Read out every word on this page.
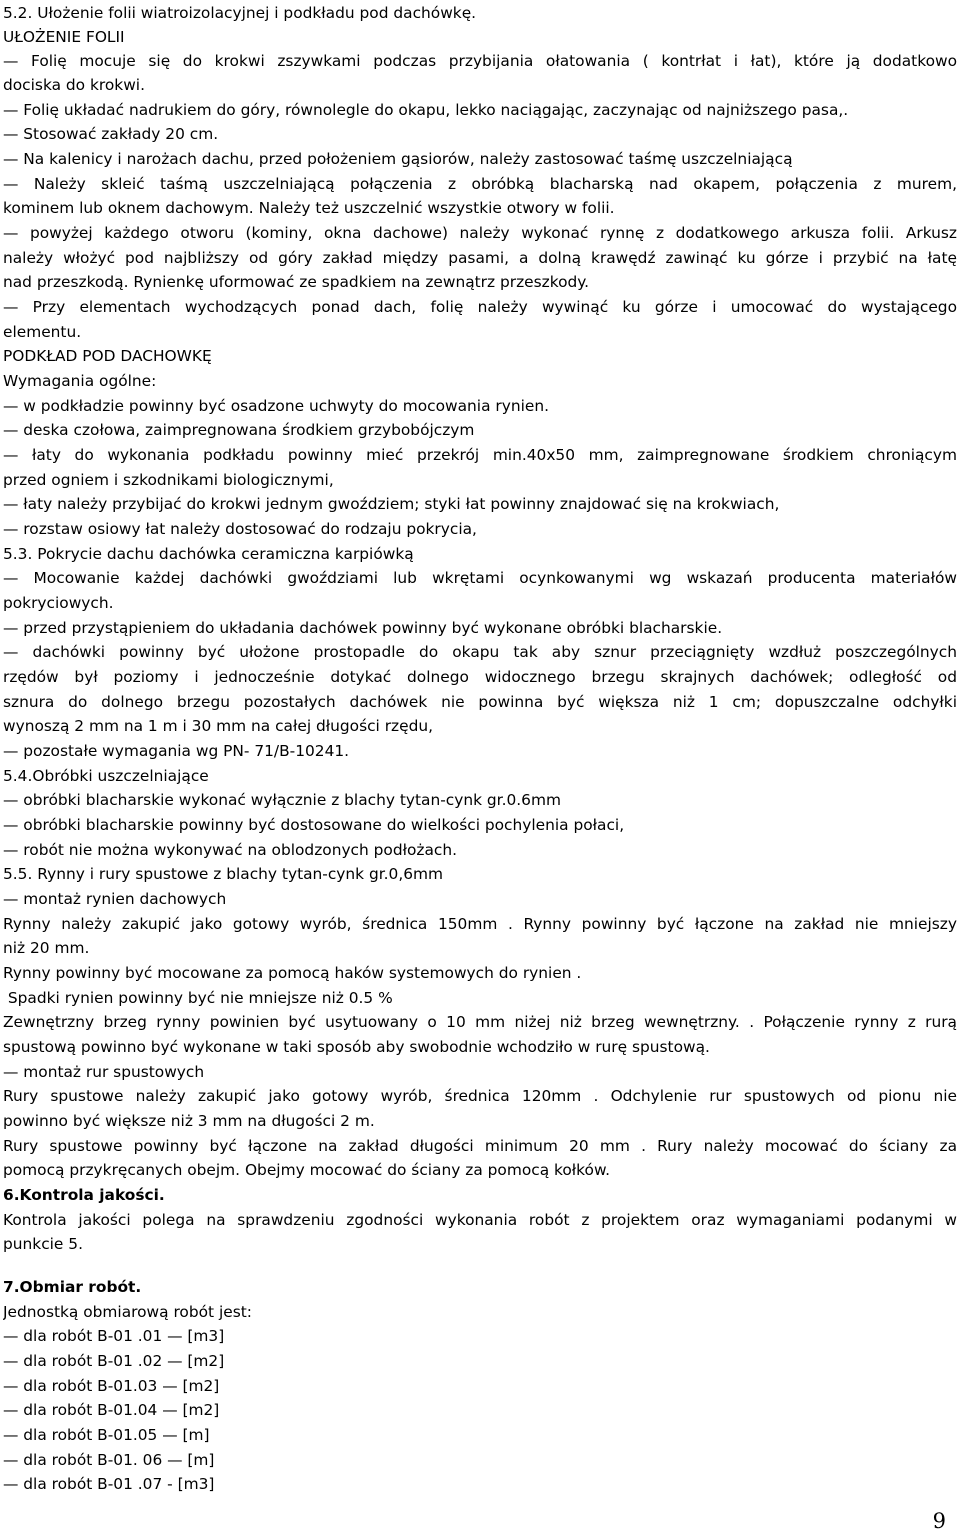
5.2. Ułożenie folii wiatroizolacyjnej i podkładu pod dachówkę.
UŁOŻENIE FOLII
— Folię mocuje się do krokwi zszywkami podczas przybijania ołatowania ( kontrłat i łat), które ją dodatkowo
dociska do krokwi.
— Folię układać nadrukiem do góry, równolegle do okapu, lekko naciągając, zaczynając od najniższego pasa,.
— Stosować zakłady 20 cm.
— Na kalenicy i narożach dachu, przed położeniem gąsiorów, należy zastosować taśmę uszczelniającą
— Należy skleić taśmą uszczelniającą połączenia z obróbką blacharską nad okapem, połączenia z murem,
kominem lub oknem dachowym. Należy też uszczelnić wszystkie otwory w folii.
— powyżej każdego otworu (kominy, okna dachowe) należy wykonać rynnę z dodatkowego arkusza folii. Arkusz
należy włożyć pod najbliższy od góry zakład między pasami, a dolną krawędź zawinąć ku górze i przybić na łatę
nad przeszkodą. Rynienkę uformować ze spadkiem na zewnątrz przeszkody.
— Przy elementach wychodzących ponad dach, folię należy wywinąć ku górze i umocować do wystającego
elementu.
PODKŁAD POD DACHOWKĘ
Wymagania ogólne:
— w podkładzie powinny być osadzone uchwyty do mocowania rynien.
— deska czołowa, zaimpregnowana środkiem grzybobójczym
— łaty do wykonania podkładu powinny mieć przekrój min.40x50 mm, zaimpregnowane środkiem chroniącym
przed ogniem i szkodnikami biologicznymi,
— łaty należy przybijać do krokwi jednym gwoździem; styki łat powinny znajdować się na krokwiach,
— rozstaw osiowy łat należy dostosować do rodzaju pokrycia,
5.3. Pokrycie dachu dachówka ceramiczna karpiówką
— Mocowanie każdej dachówki gwoździami lub wkrętami ocynkowanymi wg wskazań producenta materiałów
pokryciowych.
— przed przystąpieniem do układania dachówek powinny być wykonane obróbki blacharskie.
— dachówki powinny być ułożone prostopadle do okapu tak aby sznur przeciągnięty wzdłuż poszczególnych
rzędów był poziomy i jednocześnie dotykać dolnego widocznego brzegu skrajnych dachówek; odległość od
sznura do dolnego brzegu pozostałych dachówek nie powinna być większa niż 1 cm; dopuszczalne odchyłki
wynoszą 2 mm na 1 m i 30 mm na całej długości rzędu,
— pozostałe wymagania wg PN- 71/B-10241.
5.4.Obróbki uszczelniające
— obróbki blacharskie wykonać wyłącznie z blachy tytan-cynk gr.0.6mm
— obróbki blacharskie powinny być dostosowane do wielkości pochylenia połaci,
— robót nie można wykonywać na oblodzonych podłożach.
5.5. Rynny i rury spustowe z blachy tytan-cynk gr.0,6mm
— montaż rynien dachowych
Rynny należy zakupić jako gotowy wyrób, średnica 150mm . Rynny powinny być łączone na zakład nie mniejszy
niż 20 mm.
Rynny powinny być mocowane za pomocą haków systemowych do rynien .
Spadki rynien powinny być nie mniejsze niż 0.5 %
Zewnętrzny brzeg rynny powinien być usytuowany o 10 mm niżej niż brzeg wewnętrzny. . Połączenie rynny z rurą
spustową powinno być wykonane w taki sposób aby swobodnie wchodziło w rurę spustową.
— montaż rur spustowych
Rury spustowe należy zakupić jako gotowy wyrób, średnica 120mm . Odchylenie rur spustowych od pionu nie
powinno być większe niż 3 mm na długości 2 m.
Rury spustowe powinny być łączone na zakład długości minimum 20 mm . Rury należy mocować do ściany za
pomocą przykręcanych obejm. Obejmy mocować do ściany za pomocą kołków.
6.Kontrola jakości.
Kontrola jakości polega na sprawdzeniu zgodności wykonania robót z projektem oraz wymaganiami podanymi w
punkcie 5.
7.Obmiar robót.
Jednostką obmiarową robót jest:
— dla robót B-01 .01 — [m3]
— dla robót B-01 .02 — [m2]
— dla robót B-01.03 — [m2]
— dla robót B-01.04 — [m2]
— dla robót B-01.05 — [m]
— dla robót B-01. 06 — [m]
— dla robót B-01 .07 - [m3]
9
